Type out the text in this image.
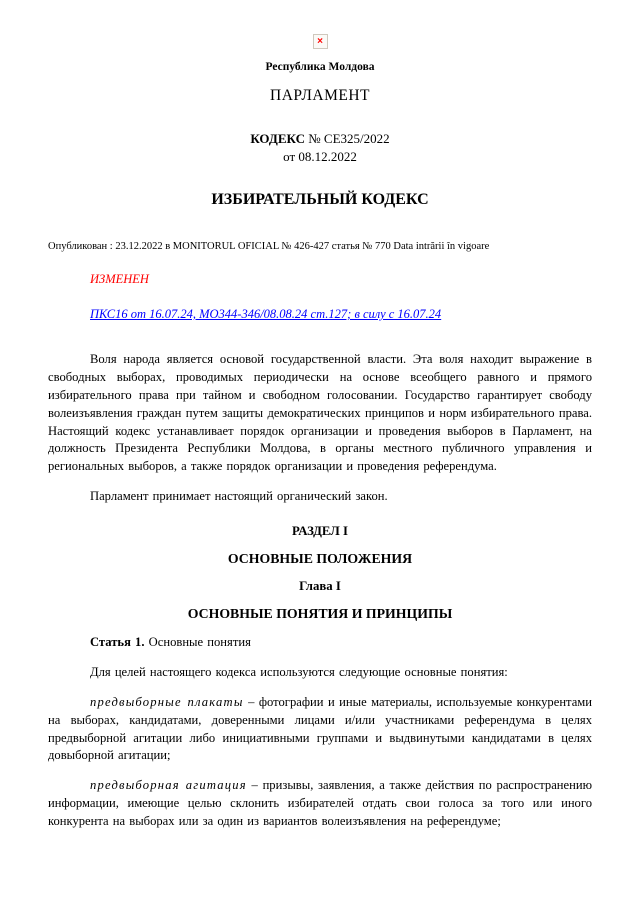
×
Республика Молдова
ПАРЛАМЕНТ
КОДЕКС № СЕ325/2022
от 08.12.2022
ИЗБИРАТЕЛЬНЫЙ КОДЕКС
Опубликован : 23.12.2022 в MONITORUL OFICIAL № 426-427 статья № 770 Data intrării în vigoare
ИЗМЕНЕН
ПКС16 от 16.07.24, МО344-346/08.08.24 ст.127; в силу с 16.07.24

Воля народа является основой государственной власти. Эта воля находит выражение в свободных выборах, проводимых периодически на основе всеобщего равного и прямого избирательного права при тайном и свободном голосовании. Государство гарантирует свободу волеизъявления граждан путем защиты демократических принципов и норм избирательного права. Настоящий кодекс устанавливает порядок организации и проведения выборов в Парламент, на должность Президента Республики Молдова, в органы местного публичного управления и региональных выборов, а также порядок организации и проведения референдума.

Парламент принимает настоящий органический закон.

РАЗДЕЛ I
ОСНОВНЫЕ ПОЛОЖЕНИЯ
Глава I
ОСНОВНЫЕ ПОНЯТИЯ И ПРИНЦИПЫ

Статья 1. Основные понятия

Для целей настоящего кодекса используются следующие основные понятия:

предвыборные плакаты – фотографии и иные материалы, используемые конкурентами на выборах, кандидатами, доверенными лицами и/или участниками референдума в целях предвыборной агитации либо инициативными группами и выдвинутыми кандидатами в целях довыборной агитации;

предвыборная агитация – призывы, заявления, а также действия по распространению информации, имеющие целью склонить избирателей отдать свои голоса за того или иного конкурента на выборах или за один из вариантов волеизъявления на референдуме;
